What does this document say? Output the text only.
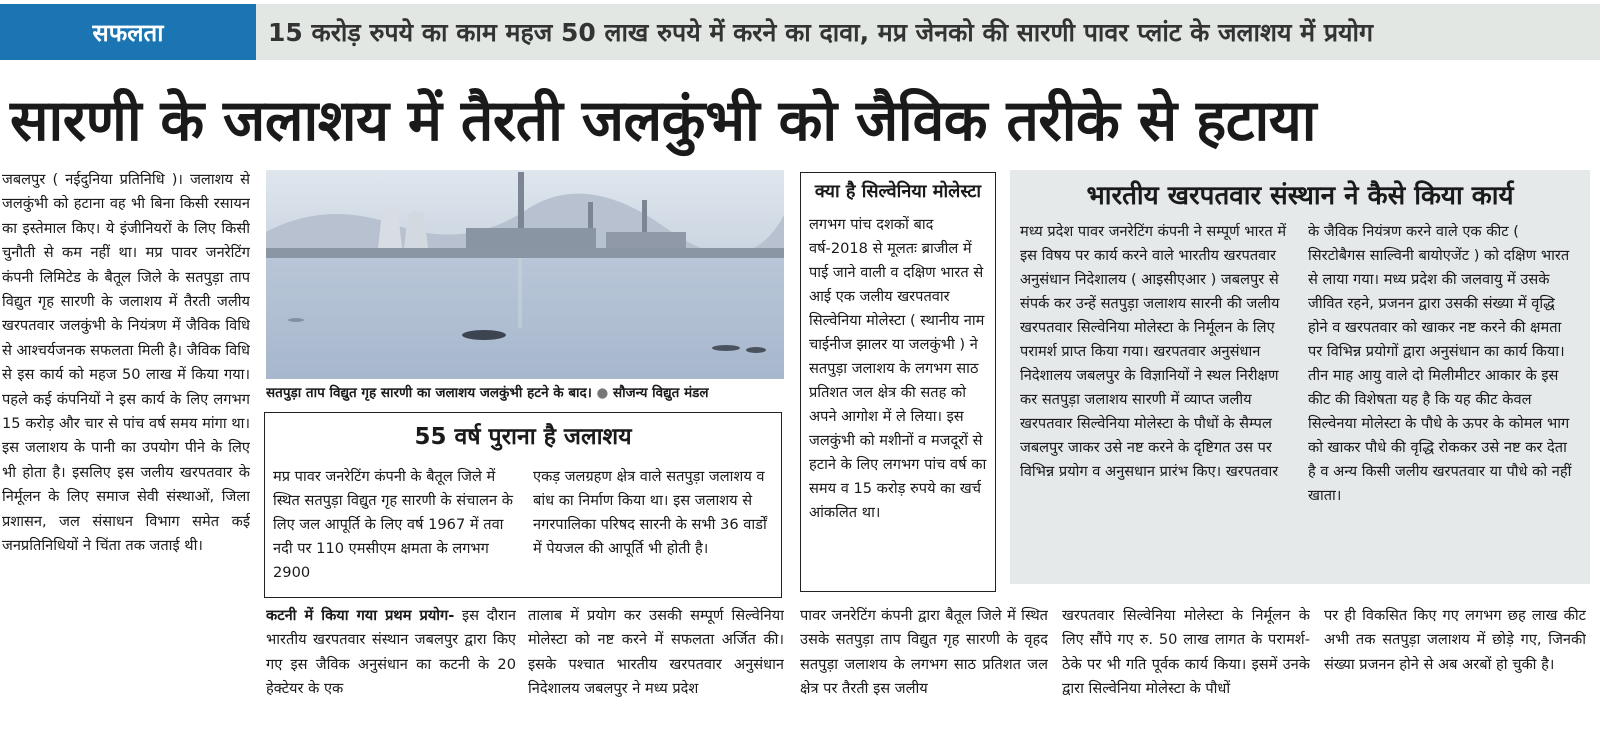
सफलता	15 करोड़ रुपये का काम महज 50 लाख रुपये में करने का दावा, मप्र जेनको की सारणी पावर प्लांट के जलाशय में प्रयोग
सारणी के जलाशय में तैरती जलकुंभी को जैविक तरीके से हटाया
जबलपुर ( नईदुनिया प्रतिनिधि )। जलाशय से जलकुंभी को हटाना वह भी बिना किसी रसायन का इस्तेमाल किए। ये इंजीनियरों के लिए किसी चुनौती से कम नहीं था। मप्र पावर जनरेटिंग कंपनी लिमिटेड के बैतूल जिले के सतपुड़ा ताप विद्युत गृह सारणी के जलाशय में तैरती जलीय खरपतवार जलकुंभी के नियंत्रण में जैविक विधि से आश्चर्यजनक सफलता मिली है। जैविक विधि से इस कार्य को महज 50 लाख में किया गया। पहले कई कंपनियों ने इस कार्य के लिए लगभग 15 करोड़ और चार से पांच वर्ष समय मांगा था। इस जलाशय के पानी का उपयोग पीने के लिए भी होता है। इसलिए इस जलीय खरपतवार के निर्मूलन के लिए समाज सेवी संस्थाओं, जिला प्रशासन, जल संसाधन विभाग समेत कई जनप्रतिनिधियों ने चिंता तक जताई थी।
सतपुड़ा ताप विद्युत गृह सारणी का जलाशय जलकुंभी हटने के बाद। ● सौजन्य विद्युत मंडल
55 वर्ष पुराना है जलाशय
मप्र पावर जनरेटिंग कंपनी के बैतूल जिले में स्थित सतपुड़ा विद्युत गृह सारणी के संचालन के लिए जल आपूर्ति के लिए वर्ष 1967 में तवा नदी पर 110 एमसीएम क्षमता के लगभग 2900
एकड़ जलग्रहण क्षेत्र वाले सतपुड़ा जलाशय व बांध का निर्माण किया था। इस जलाशय से नगरपालिका परिषद सारनी के सभी 36 वार्डों में पेयजल की आपूर्ति भी होती है।
कटनी में किया गया प्रथम प्रयोग- इस दौरान भारतीय खरपतवार संस्थान जबलपुर द्वारा किए गए इस जैविक अनुसंधान का कटनी के 20 हेक्टेयर के एक
तालाब में प्रयोग कर उसकी सम्पूर्ण सिल्वेनिया मोलेस्टा को नष्ट करने में सफलता अर्जित की। इसके पश्चात भारतीय खरपतवार अनुसंधान निदेशालय जबलपुर ने मध्य प्रदेश
क्या है सिल्वेनिया मोलेस्टा
लगभग पांच दशकों बाद वर्ष-2018 से मूलतः ब्राजील में पाई जाने वाली व दक्षिण भारत से आई एक जलीय खरपतवार सिल्वेनिया मोलेस्टा ( स्थानीय नाम चाईनीज झालर या जलकुंभी ) ने सतपुड़ा जलाशय के लगभग साठ प्रतिशत जल क्षेत्र की सतह को अपने आगोश में ले लिया। इस जलकुंभी को मशीनों व मजदूरों से हटाने के लिए लगभग पांच वर्ष का समय व 15 करोड़ रुपये का खर्च आंकलित था।
भारतीय खरपतवार संस्थान ने कैसे किया कार्य
मध्य प्रदेश पावर जनरेटिंग कंपनी ने सम्पूर्ण भारत में इस विषय पर कार्य करने वाले भारतीय खरपतवार अनुसंधान निदेशालय ( आइसीएआर ) जबलपुर से संपर्क कर उन्हें सतपुड़ा जलाशय सारनी की जलीय खरपतवार सिल्वेनिया मोलेस्टा के निर्मूलन के लिए परामर्श प्राप्त किया गया। खरपतवार अनुसंधान निदेशालय जबलपुर के विज्ञानियों ने स्थल निरीक्षण कर सतपुड़ा जलाशय सारणी में व्याप्त जलीय खरपतवार सिल्वेनिया मोलेस्टा के पौधों के सैम्पल जबलपुर जाकर उसे नष्ट करने के दृष्टिगत उस पर विभिन्न प्रयोग व अनुसधान प्रारंभ किए। खरपतवार
के जैविक नियंत्रण करने वाले एक कीट ( सिरटोबैगस साल्विनी बायोएजेंट ) को दक्षिण भारत से लाया गया। मध्य प्रदेश की जलवायु में उसके जीवित रहने, प्रजनन द्वारा उसकी संख्या में वृद्धि होने व खरपतवार को खाकर नष्ट करने की क्षमता पर विभिन्न प्रयोगों द्वारा अनुसंधान का कार्य किया। तीन माह आयु वाले दो मिलीमीटर आकार के इस कीट की विशेषता यह है कि यह कीट केवल सिल्वेनया मोलेस्टा के पौधे के ऊपर के कोमल भाग को खाकर पौधे की वृद्धि रोककर उसे नष्ट कर देता है व अन्य किसी जलीय खरपतवार या पौधे को नहीं खाता।
पावर जनरेटिंग कंपनी द्वारा बैतूल जिले में स्थित उसके सतपुड़ा ताप विद्युत गृह सारणी के वृहद सतपुड़ा जलाशय के लगभग साठ प्रतिशत जल क्षेत्र पर तैरती इस जलीय
खरपतवार सिल्वेनिया मोलेस्टा के निर्मूलन के लिए सौंपे गए रु. 50 लाख लागत के परामर्श-ठेके पर भी गति पूर्वक कार्य किया। इसमें उनके द्वारा सिल्वेनिया मोलेस्टा के पौधों
पर ही विकसित किए गए लगभग छह लाख कीट अभी तक सतपुड़ा जलाशय में छोड़े गए, जिनकी संख्या प्रजनन होने से अब अरबों हो चुकी है।
